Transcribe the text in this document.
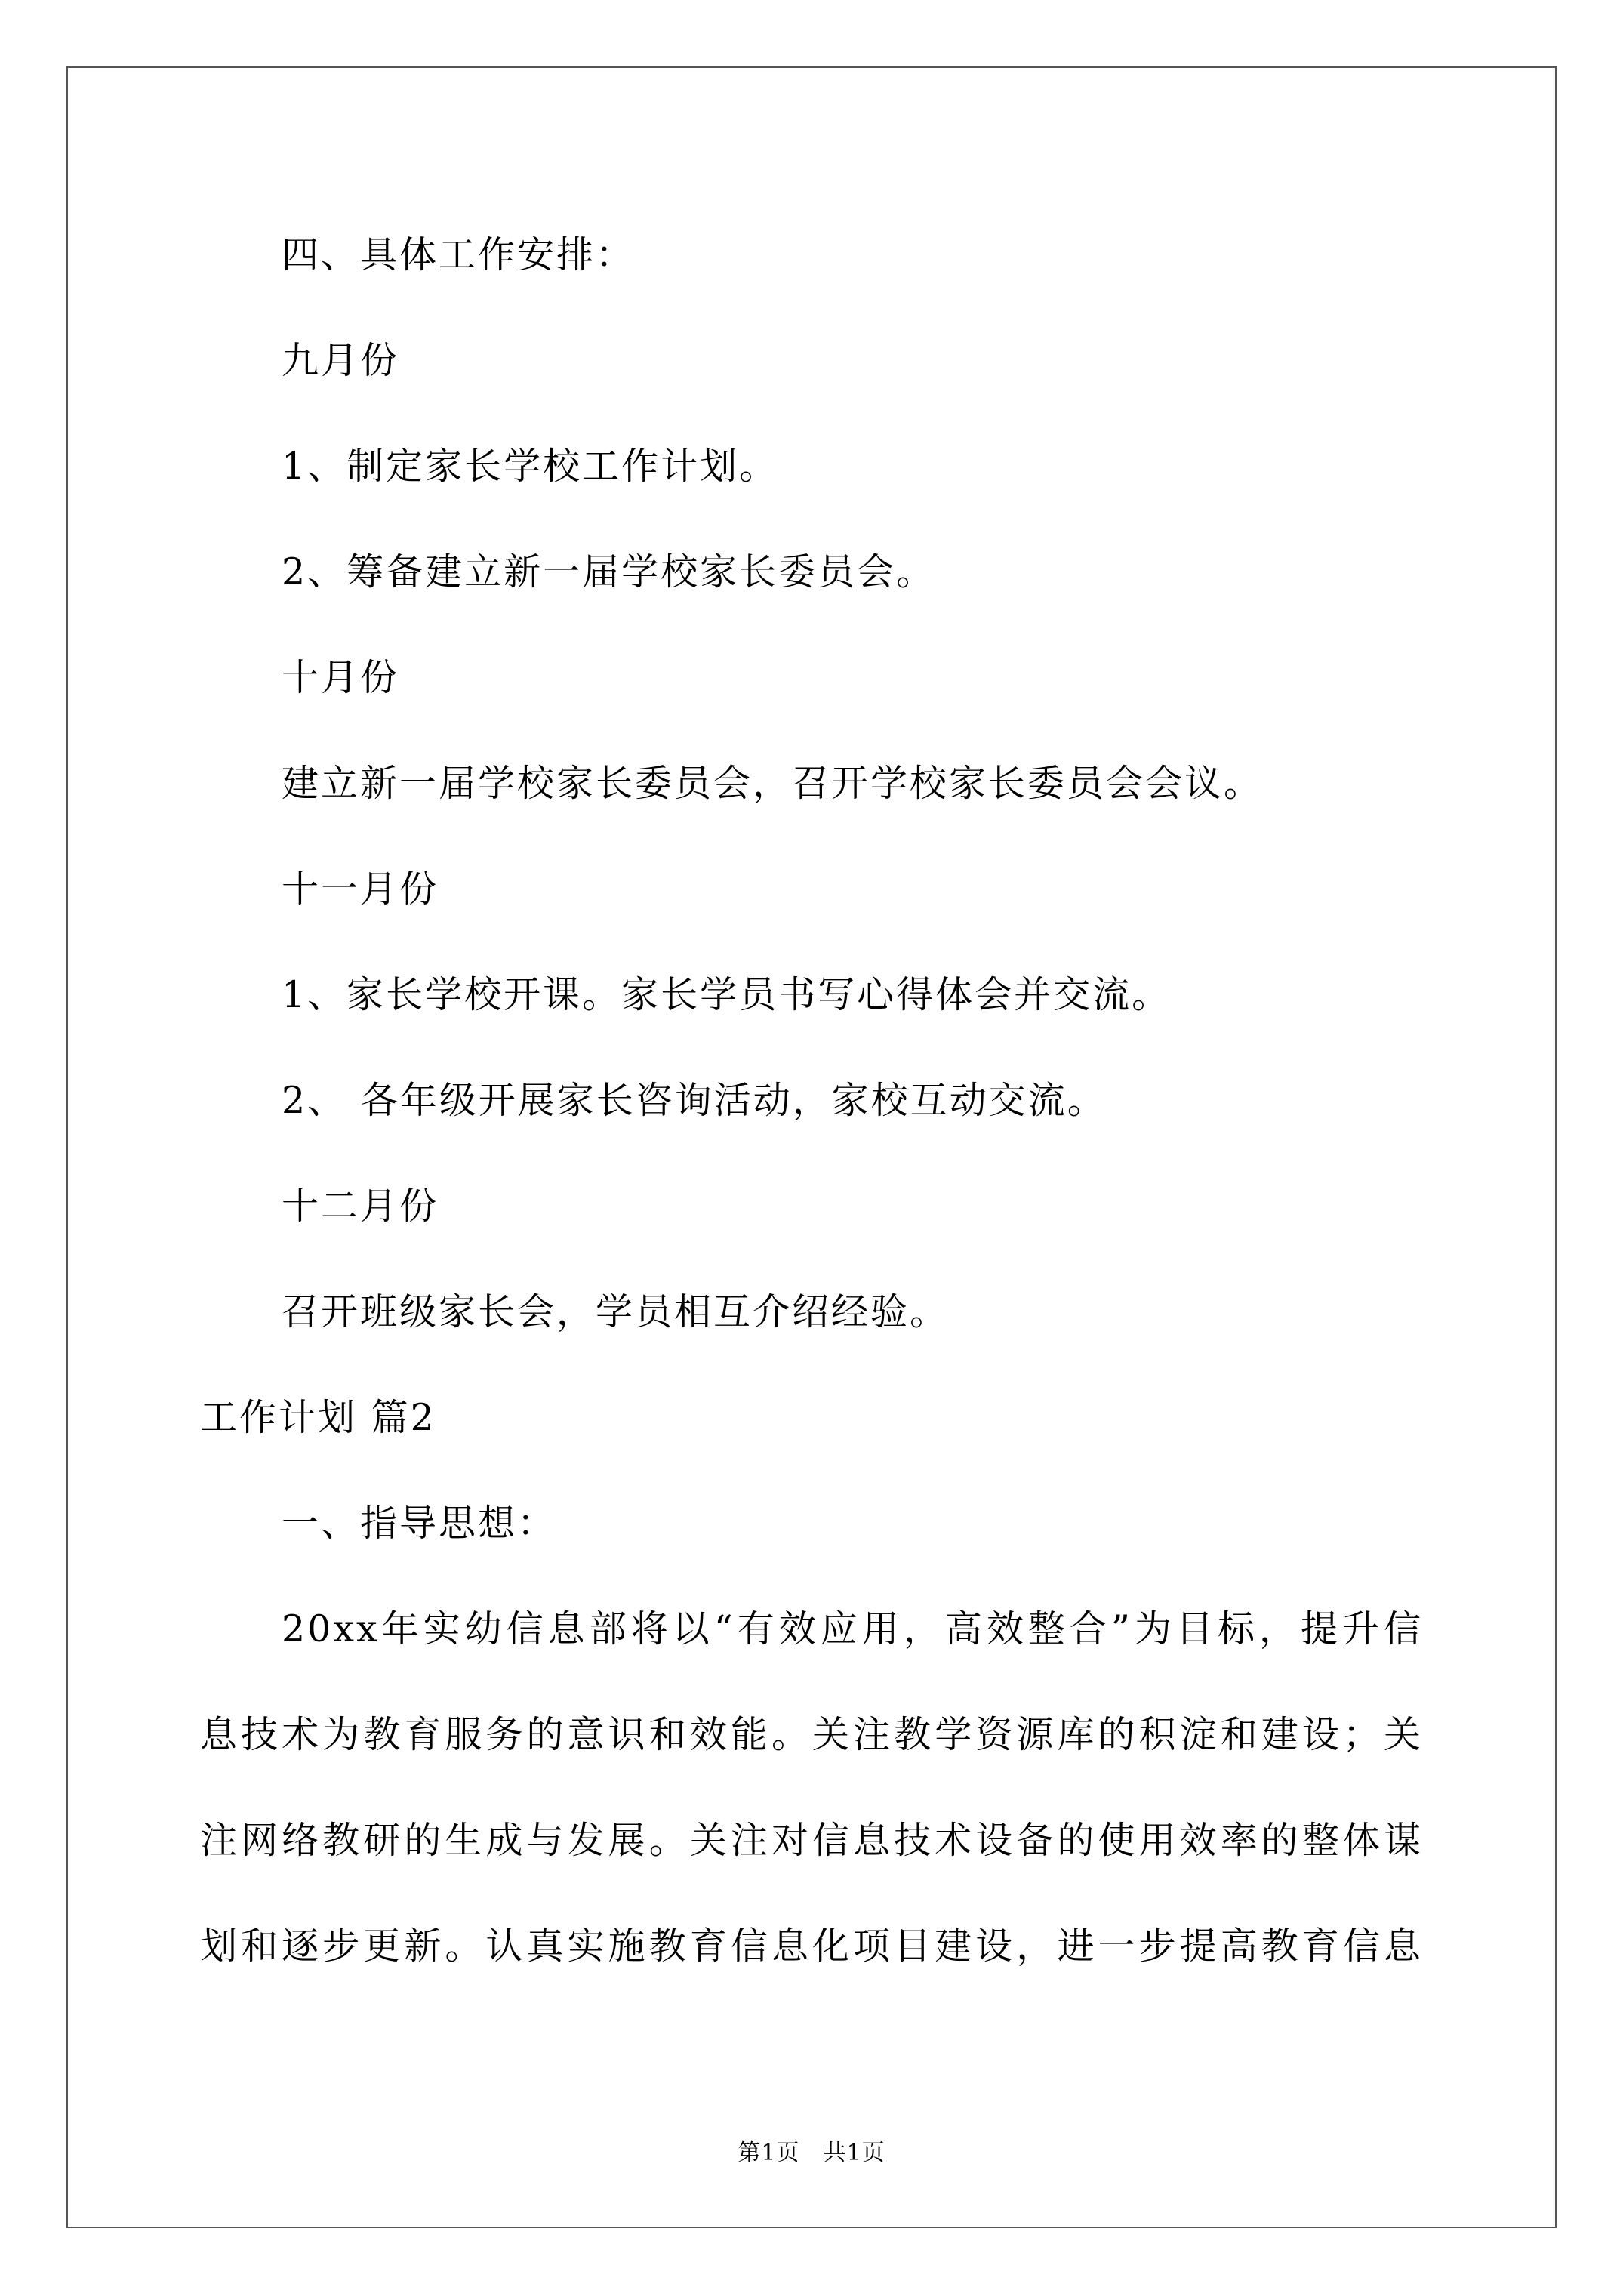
四、具体工作安排：
九月份
1、制定家长学校工作计划。
2、筹备建立新一届学校家长委员会。
十月份
建立新一届学校家长委员会，召开学校家长委员会会议。
十一月份
1、家长学校开课。家长学员书写心得体会并交流。
2、 各年级开展家长咨询活动，家校互动交流。
十二月份
召开班级家长会，学员相互介绍经验。
工作计划 篇2
一、指导思想：
20xx年实幼信息部将以“有效应用，高效整合”为目标，提升信
息技术为教育服务的意识和效能。关注教学资源库的积淀和建设；关
注网络教研的生成与发展。关注对信息技术设备的使用效率的整体谋
划和逐步更新。认真实施教育信息化项目建设，进一步提高教育信息
第1页　共1页
